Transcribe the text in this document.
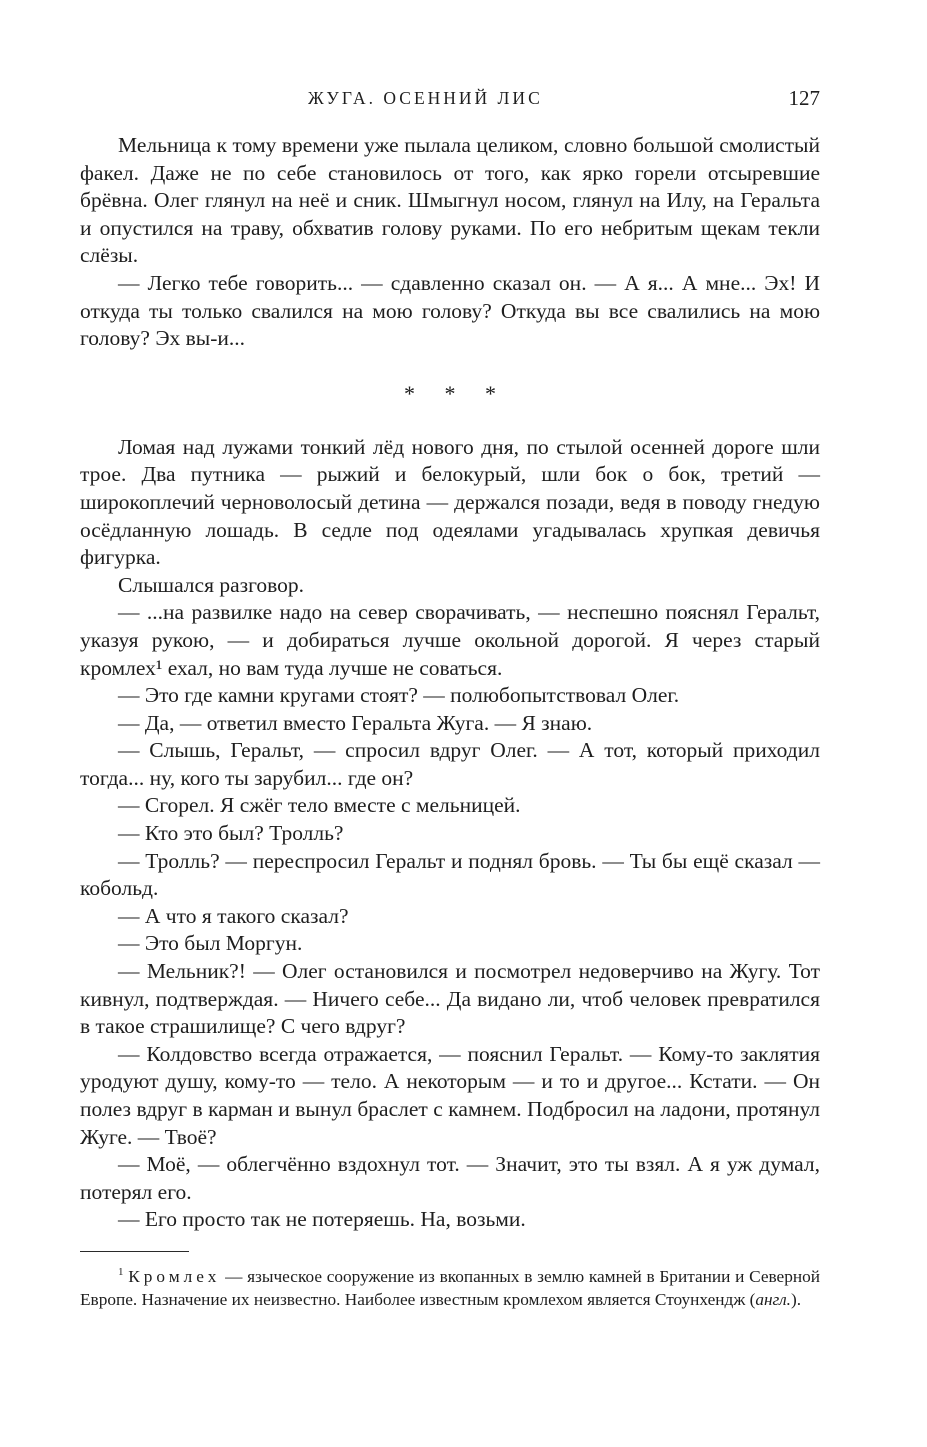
ЖУГА. ОСЕННИЙ ЛИС	127

Мельница к тому времени уже пылала целиком, словно большой смолистый факел. Даже не по себе становилось от того, как ярко горели отсыревшие брёвна. Олег глянул на неё и сник. Шмыгнул носом, глянул на Илу, на Геральта и опустился на траву, обхватив голову руками. По его небритым щекам текли слёзы.

— Легко тебе говорить... — сдавленно сказал он. — А я... А мне... Эх! И откуда ты только свалился на мою голову? Откуда вы все свалились на мою голову? Эх вы-и...

* * *

Ломая над лужами тонкий лёд нового дня, по стылой осенней дороге шли трое. Два путника — рыжий и белокурый, шли бок о бок, третий — широкоплечий черноволосый детина — держался позади, ведя в поводу гнедую осёдланную лошадь. В седле под одеялами угадывалась хрупкая девичья фигурка.

Слышался разговор.

— ...на развилке надо на север сворачивать, — неспешно пояснял Геральт, указуя рукою, — и добираться лучше окольной дорогой. Я через старый кромлех¹ ехал, но вам туда лучше не соваться.

— Это где камни кругами стоят? — полюбопытствовал Олег.

— Да, — ответил вместо Геральта Жуга. — Я знаю.

— Слышь, Геральт, — спросил вдруг Олег. — А тот, который приходил тогда... ну, кого ты зарубил... где он?

— Сгорел. Я сжёг тело вместе с мельницей.

— Кто это был? Тролль?

— Тролль? — переспросил Геральт и поднял бровь. — Ты бы ещё сказал — кобольд.

— А что я такого сказал?

— Это был Моргун.

— Мельник?! — Олег остановился и посмотрел недоверчиво на Жугу. Тот кивнул, подтверждая. — Ничего себе... Да видано ли, чтоб человек превратился в такое страшилище? С чего вдруг?

— Колдовство всегда отражается, — пояснил Геральт. — Кому-то заклятия уродуют душу, кому-то — тело. А некоторым — и то и другое... Кстати. — Он полез вдруг в карман и вынул браслет с камнем. Подбросил на ладони, протянул Жуге. — Твоё?

— Моё, — облегчённо вздохнул тот. — Значит, это ты взял. А я уж думал, потерял его.

— Его просто так не потеряешь. На, возьми.

$^1$ Кромлех — языческое сооружение из вкопанных в землю камней в Британии и Северной Европе. Назначение их неизвестно. Наиболее известным кромлехом является Стоунхендж (англ.).
